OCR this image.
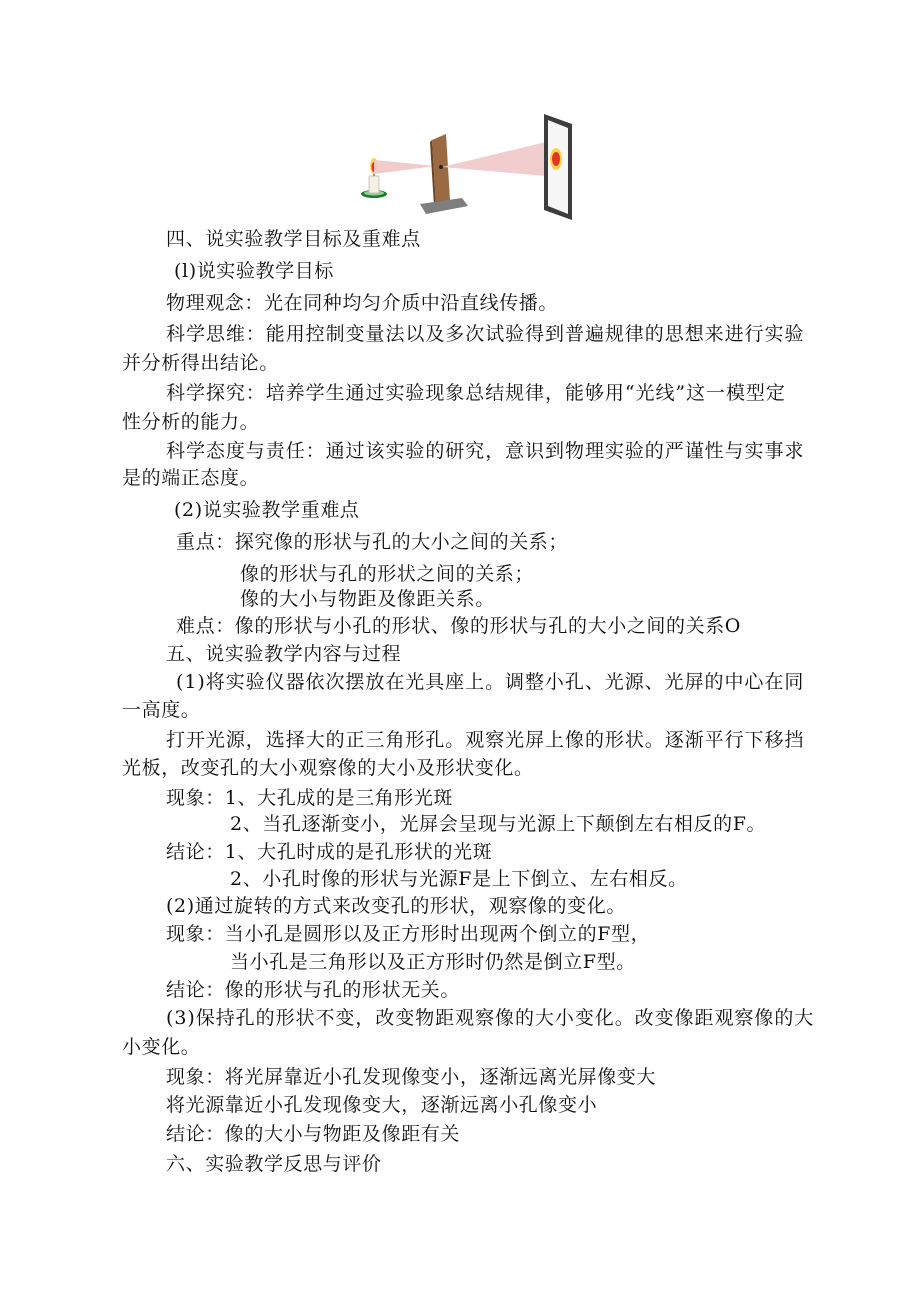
四、说实验教学目标及重难点
(l)说实验教学目标
物理观念：光在同种均匀介质中沿直线传播。
科学思维：能用控制变量法以及多次试验得到普遍规律的思想来进行实验
并分析得出结论。
科学探究：培养学生通过实验现象总结规律，能够用“光线”这一模型定
性分析的能力。
科学态度与责任：通过该实验的研究，意识到物理实验的严谨性与实事求
是的端正态度。
(2)说实验教学重难点
重点：探究像的形状与孔的大小之间的关系；
像的形状与孔的形状之间的关系；
像的大小与物距及像距关系。
难点：像的形状与小孔的形状、像的形状与孔的大小之间的关系O
五、说实验教学内容与过程
(1)将实验仪器依次摆放在光具座上。调整小孔、光源、光屏的中心在同
一高度。
打开光源，选择大的正三角形孔。观察光屏上像的形状。逐渐平行下移挡
光板，改变孔的大小观察像的大小及形状变化。
现象：1、大孔成的是三角形光斑
2、当孔逐渐变小，光屏会呈现与光源上下颠倒左右相反的F。
结论：1、大孔时成的是孔形状的光斑
2、小孔时像的形状与光源F是上下倒立、左右相反。
(2)通过旋转的方式来改变孔的形状，观察像的变化。
现象：当小孔是圆形以及正方形时出现两个倒立的F型，
当小孔是三角形以及正方形时仍然是倒立F型。
结论：像的形状与孔的形状无关。
(3)保持孔的形状不变，改变物距观察像的大小变化。改变像距观察像的大
小变化。
现象：将光屏靠近小孔发现像变小，逐渐远离光屏像变大
将光源靠近小孔发现像变大，逐渐远离小孔像变小
结论：像的大小与物距及像距有关
六、实验教学反思与评价
